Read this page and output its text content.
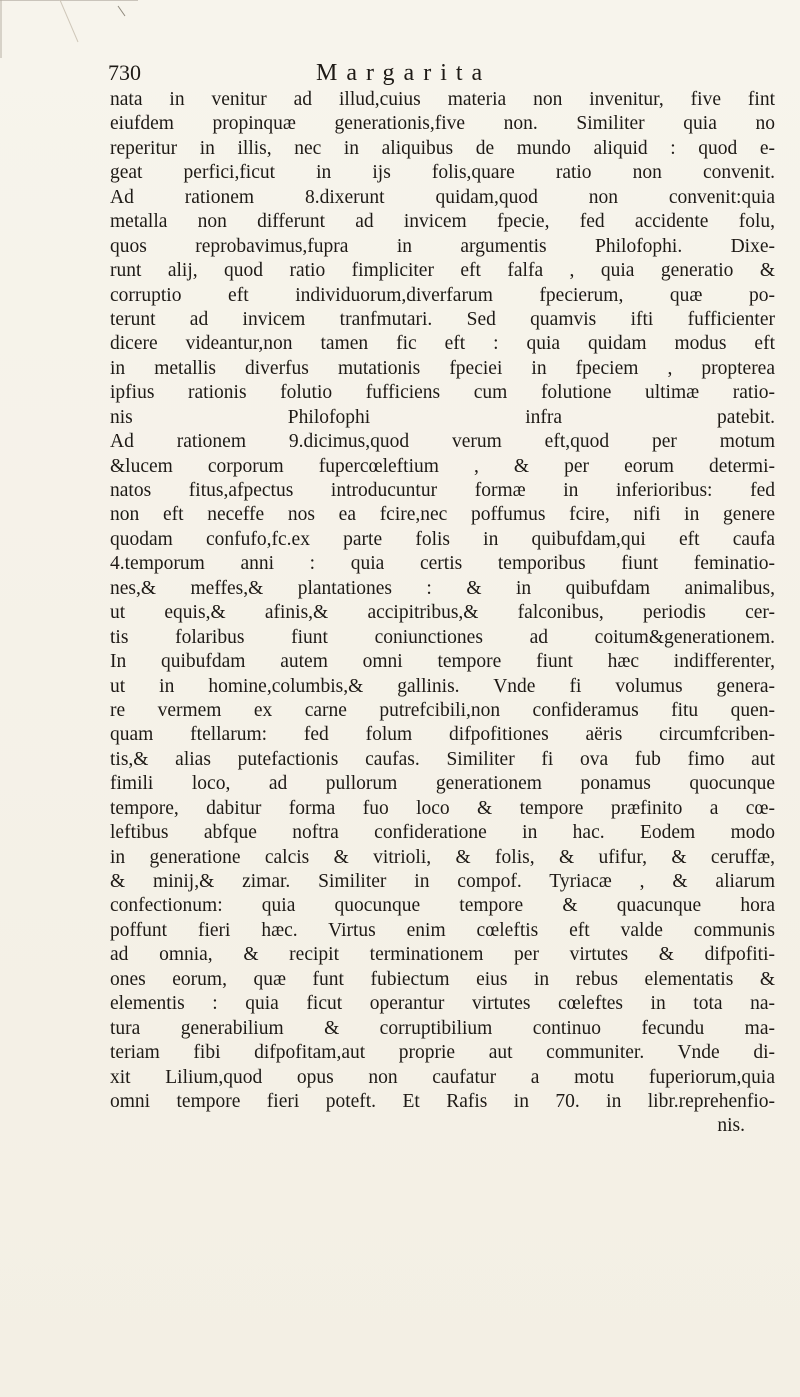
730	Margarita
nata in venitur ad illud,cuius materia non invenitur, five fint
eiufdem propinquæ generationis,five non. Similiter quia no
reperitur in illis, nec in aliquibus de mundo aliquid : quod e-
geat perfici,ficut in ijs folis,quare ratio non convenit.
Ad rationem 8.dixerunt quidam,quod non convenit:quia
metalla non differunt ad invicem fpecie, fed accidente folu,
quos reprobavimus,fupra in argumentis Philofophi. Dixe-
runt alij, quod ratio fimpliciter eft falfa , quia generatio &
corruptio eft individuorum,diverfarum fpecierum, quæ po-
terunt ad invicem tranfmutari. Sed quamvis ifti fufficienter
dicere videantur,non tamen fic eft : quia quidam modus eft
in metallis diverfus mutationis fpeciei in fpeciem , propterea
ipfius rationis folutio fufficiens cum folutione ultimæ ratio-
nis Philofophi infra patebit.
Ad rationem 9.dicimus,quod verum eft,quod per motum
&lucem corporum fupercœleftium , & per eorum determi-
natos fitus,afpectus introducuntur formæ in inferioribus: fed
non eft neceffe nos ea fcire,nec poffumus fcire, nifi in genere
quodam confufo,fc.ex parte folis in quibufdam,qui eft caufa
4.temporum anni : quia certis temporibus fiunt feminatio-
nes,& meffes,& plantationes : & in quibufdam animalibus,
ut equis,& afinis,& accipitribus,& falconibus, periodis cer-
tis folaribus fiunt coniunctiones ad coitum&generationem.
In quibufdam autem omni tempore fiunt hæc indifferenter,
ut in homine,columbis,& gallinis. Vnde fi volumus genera-
re vermem ex carne putrefcibili,non confideramus fitu quen-
quam ftellarum: fed folum difpofitiones aëris circumfcriben-
tis,& alias putefactionis caufas. Similiter fi ova fub fimo aut
fimili loco, ad pullorum generationem ponamus quocunque
tempore, dabitur forma fuo loco & tempore præfinito a cœ-
leftibus abfque noftra confideratione in hac. Eodem modo
in generatione calcis & vitrioli, & folis, & ufifur, & ceruffæ,
& minij,& zimar. Similiter in compof. Tyriacæ , & aliarum
confectionum: quia quocunque tempore & quacunque hora
poffunt fieri hæc. Virtus enim cœleftis eft valde communis
ad omnia, & recipit terminationem per virtutes & difpofiti-
ones eorum, quæ funt fubiectum eius in rebus elementatis &
elementis : quia ficut operantur virtutes cœleftes in tota na-
tura generabilium & corruptibilium continuo fecundu ma-
teriam fibi difpofitam,aut proprie aut communiter. Vnde di-
xit Lilium,quod opus non caufatur a motu fuperiorum,quia
omni tempore fieri poteft. Et Rafis in 70. in libr.reprehenfio-
nis.
